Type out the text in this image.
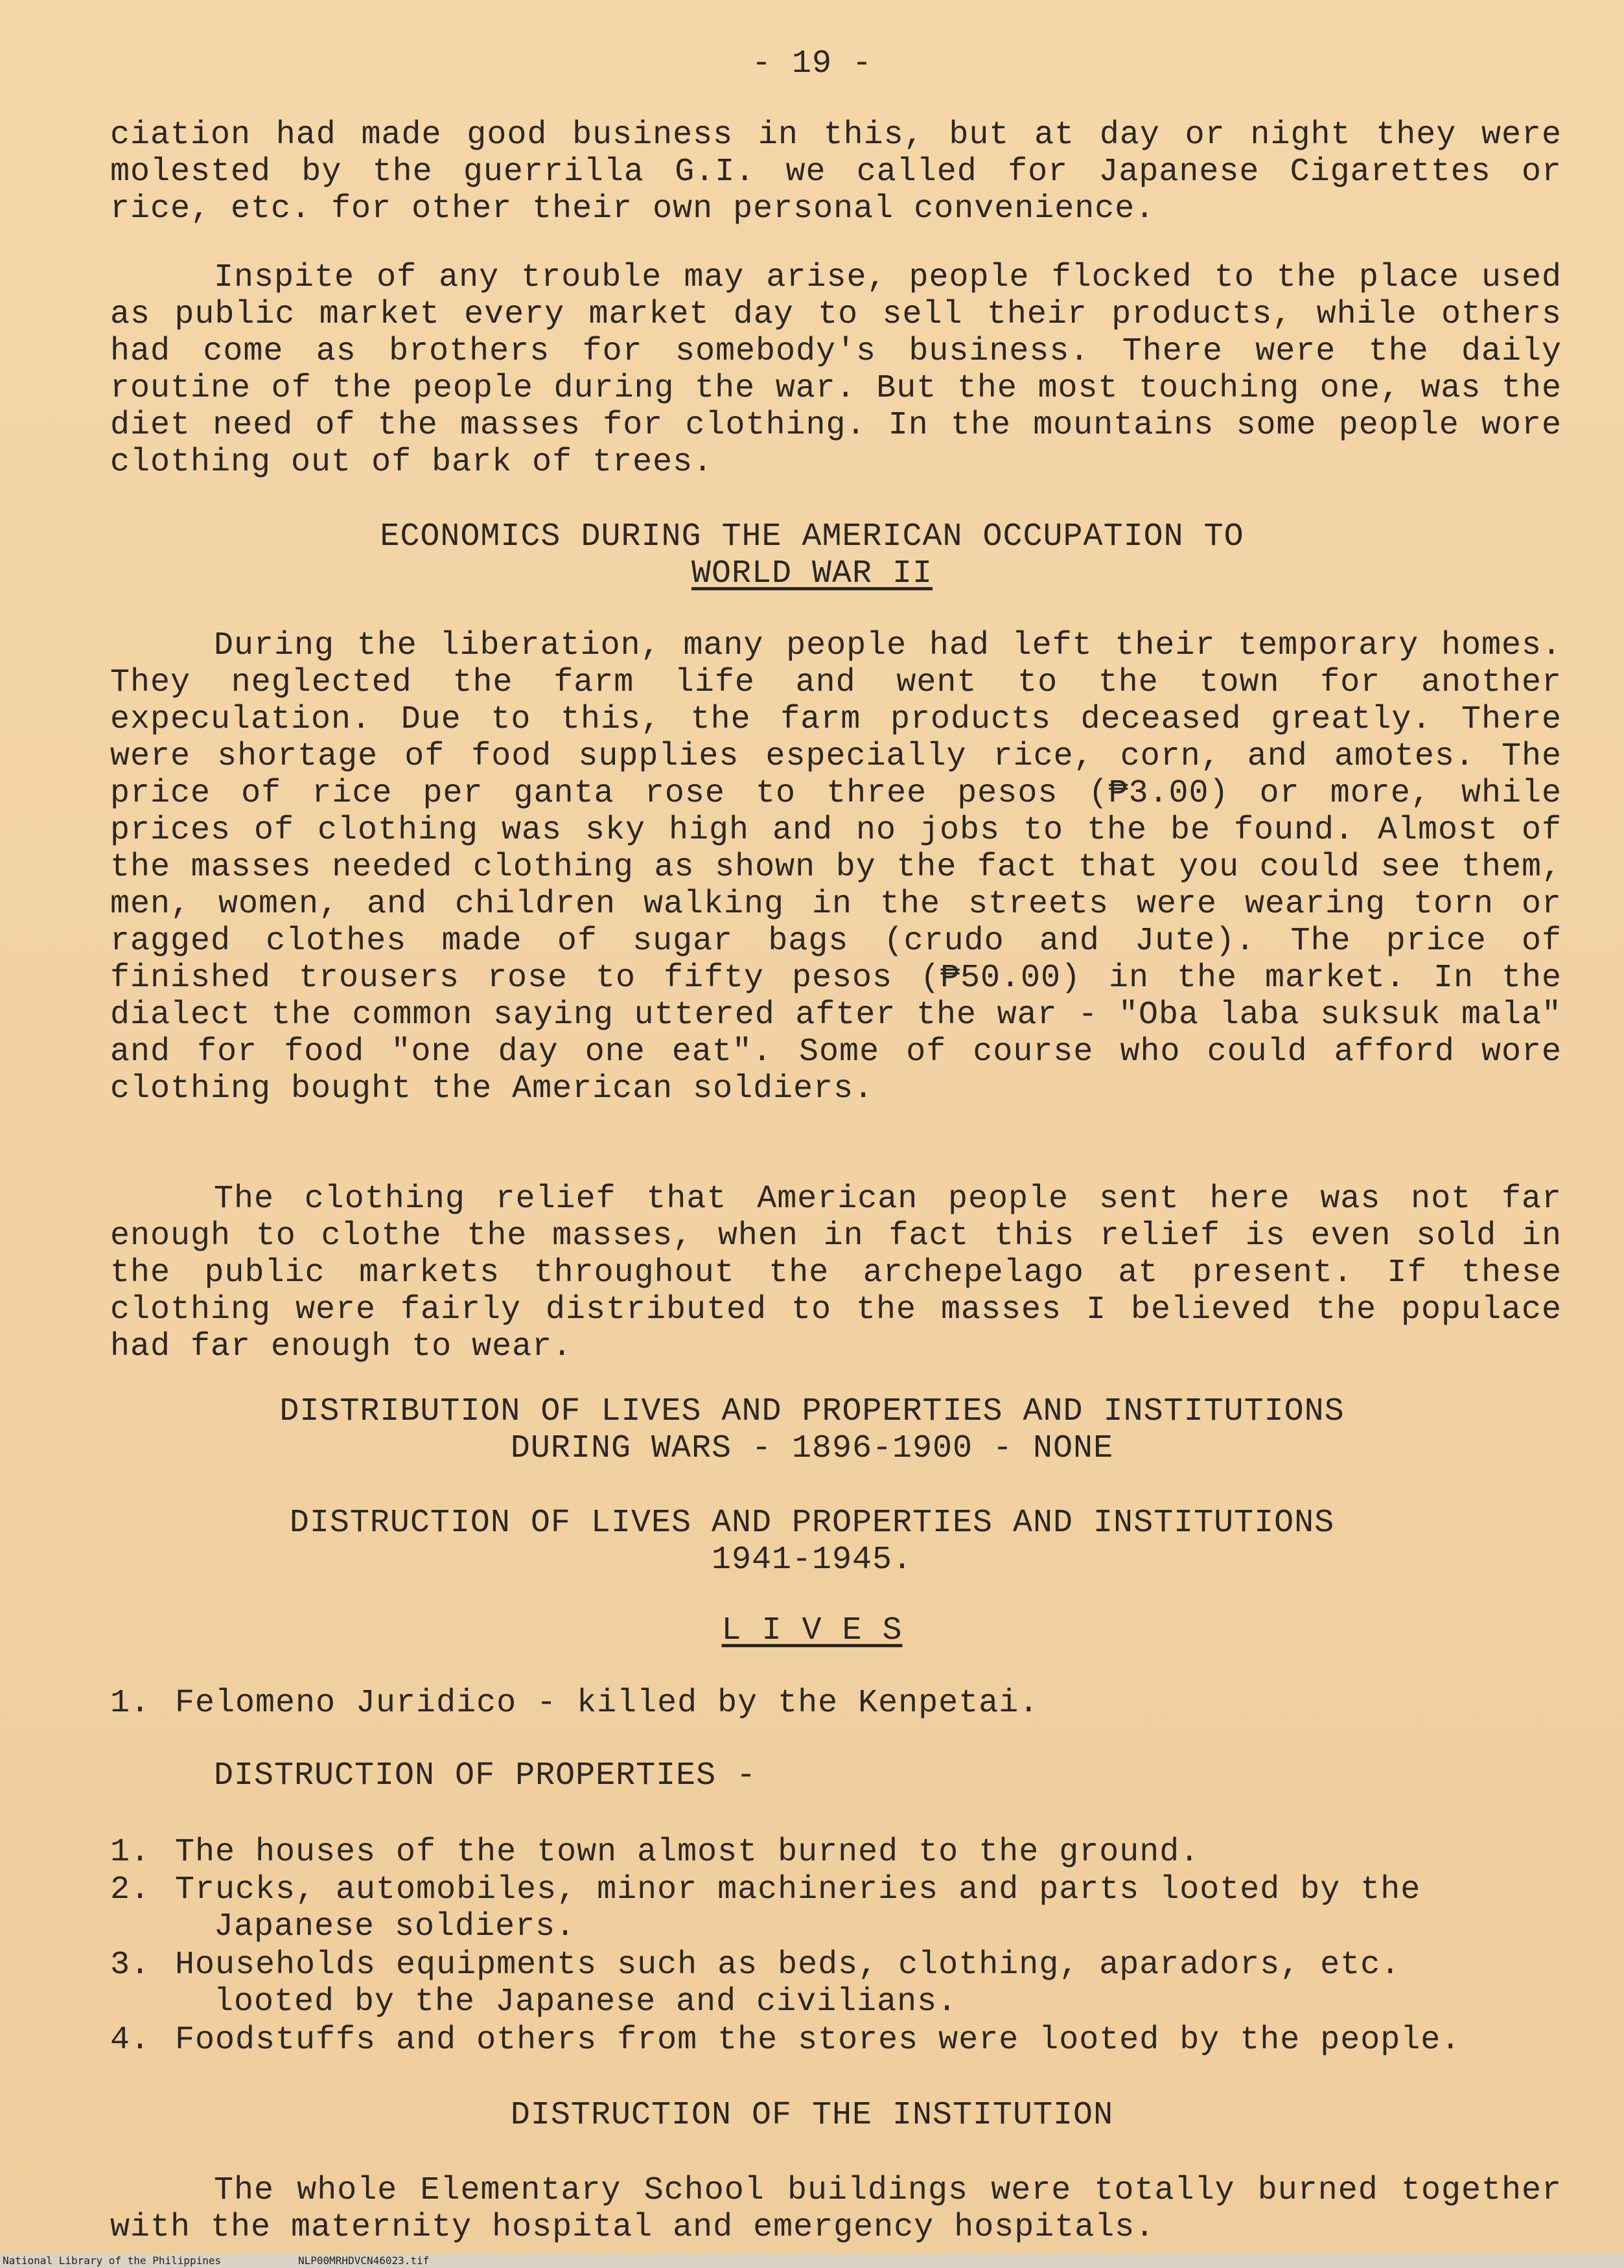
- 19 -

ciation had made good business in this, but at day or night they were molested by the guerrilla G.I. we called for Japanese Cigarettes or rice, etc. for other their own personal convenience.

Inspite of any trouble may arise, people flocked to the place used as public market every market day to sell their products, while others had come as brothers for somebody's business. There were the daily routine of the people during the war. But the most touching one, was the diet need of the masses for clothing. In the mountains some people wore clothing out of bark of trees.

ECONOMICS DURING THE AMERICAN OCCUPATION TO
WORLD WAR II

During the liberation, many people had left their temporary homes. They neglected the farm life and went to the town for another expeculation. Due to this, the farm products deceased greatly. There were shortage of food supplies especially rice, corn, and amotes. The price of rice per ganta rose to three pesos (₱3.00) or more, while prices of clothing was sky high and no jobs to the be found. Almost of the masses needed clothing as shown by the fact that you could see them, men, women, and children walking in the streets were wearing torn or ragged clothes made of sugar bags (crudo and Jute). The price of finished trousers rose to fifty pesos (₱50.00) in the market. In the dialect the common saying uttered after the war - "Oba laba suksuk mala" and for food "one day one eat". Some of course who could afford wore clothing bought the American soldiers.

The clothing relief that American people sent here was not far enough to clothe the masses, when in fact this relief is even sold in the public markets throughout the archepelago at present. If these clothing were fairly distributed to the masses I believed the populace had far enough to wear.

DISTRIBUTION OF LIVES AND PROPERTIES AND INSTITUTIONS
DURING WARS - 1896-1900 - NONE
DISTRUCTION OF LIVES AND PROPERTIES AND INSTITUTIONS
1941-1945.
L I V E S
1. Felomeno Juridico - killed by the Kenpetai.
DISTRUCTION OF PROPERTIES -
1. The houses of the town almost burned to the ground.
2. Trucks, automobiles, minor machineries and parts looted by the
Japanese soldiers.
3. Households equipments such as beds, clothing, aparadors, etc.
looted by the Japanese and civilians.
4. Foodstuffs and others from the stores were looted by the people.
DISTRUCTION OF THE INSTITUTION

The whole Elementary School buildings were totally burned together with the maternity hospital and emergency hospitals.

National Library of the Philippines	NLP00MRHDVCN46023.tif
